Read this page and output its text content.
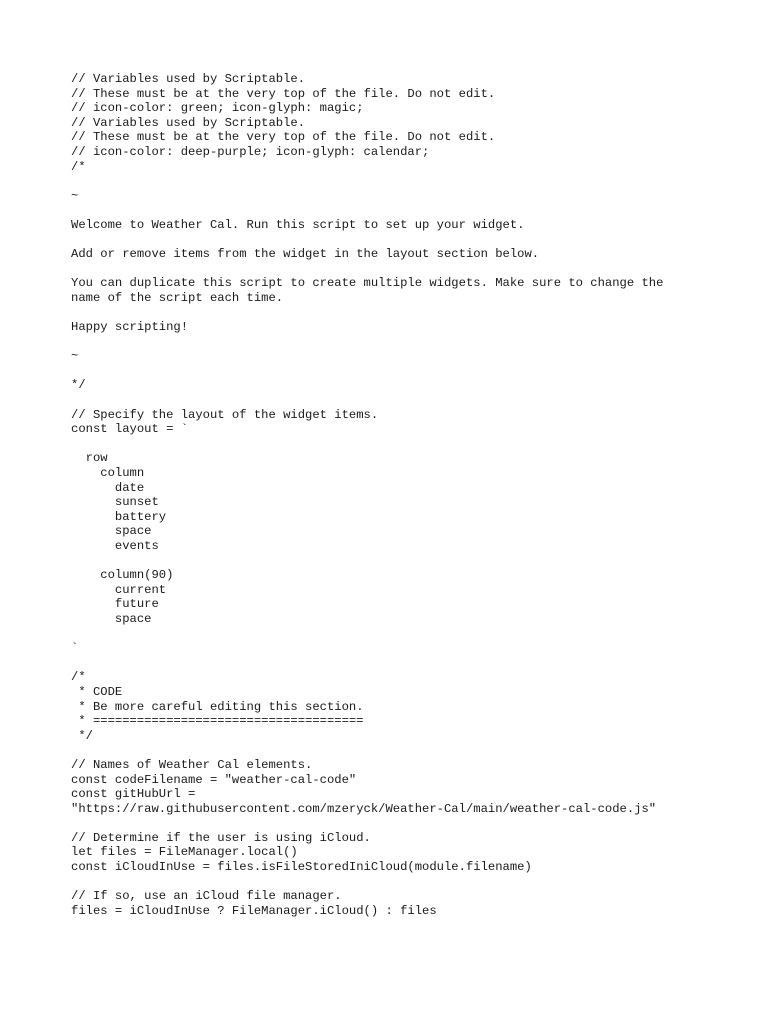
// Variables used by Scriptable.
// These must be at the very top of the file. Do not edit.
// icon-color: green; icon-glyph: magic;
// Variables used by Scriptable.
// These must be at the very top of the file. Do not edit.
// icon-color: deep-purple; icon-glyph: calendar;
/*
~
Welcome to Weather Cal. Run this script to set up your widget.
Add or remove items from the widget in the layout section below.
You can duplicate this script to create multiple widgets. Make sure to change the
name of the script each time.
Happy scripting!
~
*/
// Specify the layout of the widget items.
const layout = `
row
column
date
sunset
battery
space
events
column(90)
current
future
space
`
/*
* CODE
* Be more careful editing this section.
* =====================================
*/
// Names of Weather Cal elements.
const codeFilename = "weather-cal-code"
const gitHubUrl =
"https://raw.githubusercontent.com/mzeryck/Weather-Cal/main/weather-cal-code.js"
// Determine if the user is using iCloud.
let files = FileManager.local()
const iCloudInUse = files.isFileStoredIniCloud(module.filename)
// If so, use an iCloud file manager.
files = iCloudInUse ? FileManager.iCloud() : files
